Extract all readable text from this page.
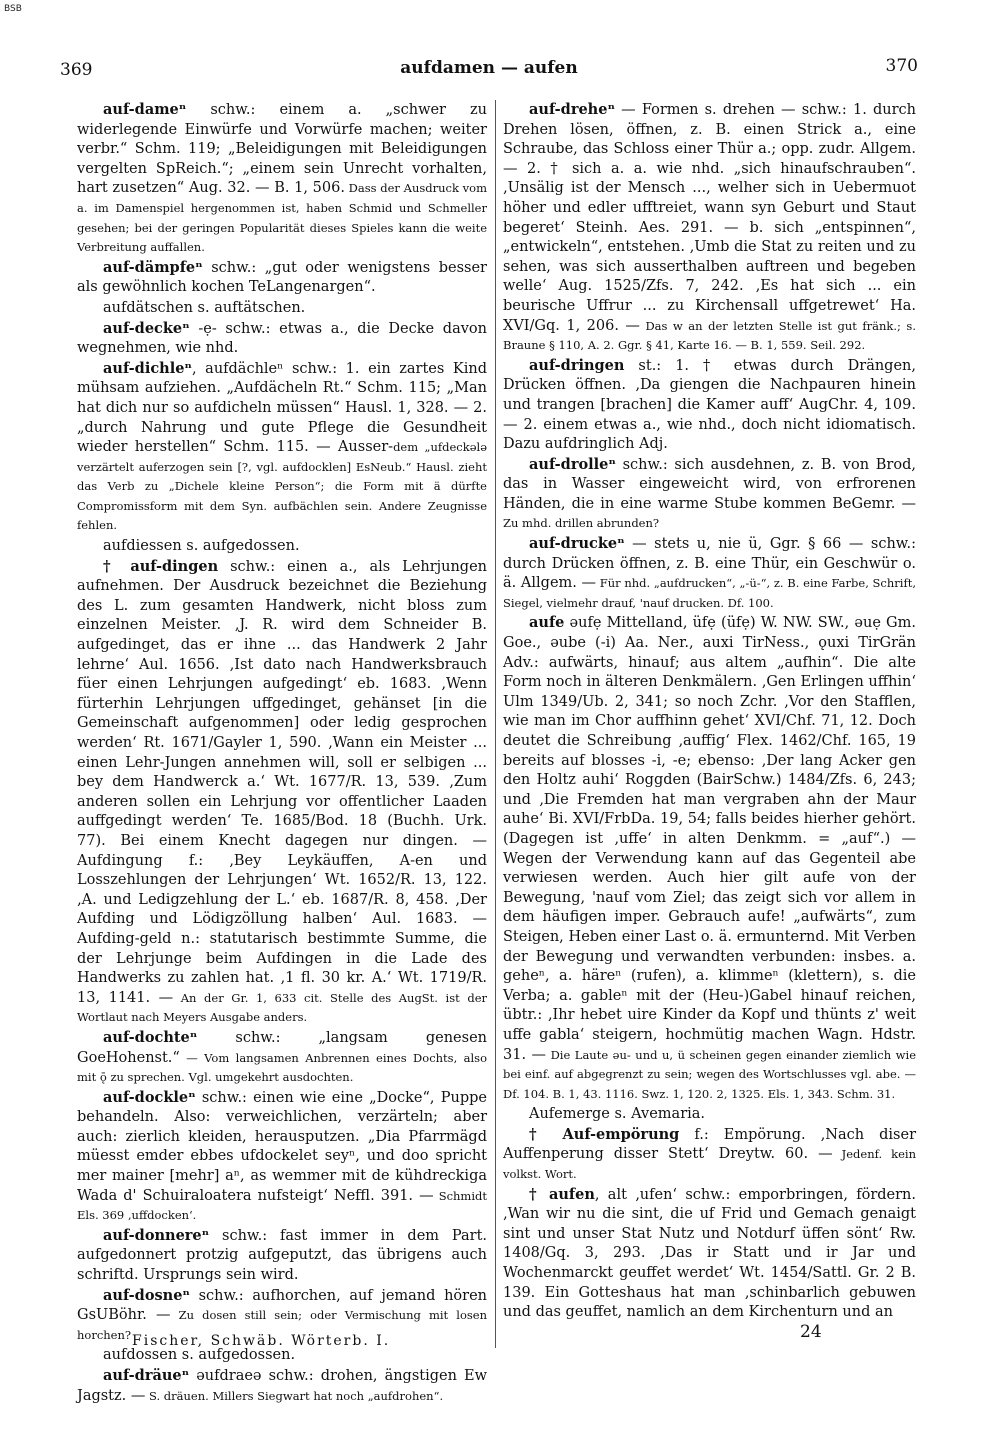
BSB
369	aufdamen — aufen	370

auf-dameⁿ schw.: einem a. „schwer zu widerlegende Einwürfe und Vorwürfe machen; weiter verbr.“ Schm. 119; „Beleidigungen mit Beleidigungen vergelten SpReich.“; „einem sein Unrecht vorhalten, hart zusetzen“ Aug. 32. — B. 1, 506. Dass der Ausdruck vom a. im Damenspiel hergenommen ist, haben Schmid und Schmeller gesehen; bei der geringen Popularität dieses Spieles kann die weite Verbreitung auffallen.

auf-dämpfeⁿ schw.: „gut oder wenigstens besser als gewöhnlich kochen TeLangenargen“.

aufdätschen s. auftätschen.

auf-deckeⁿ -ẹ- schw.: etwas a., die Decke davon wegnehmen, wie nhd.

auf-dichleⁿ, aufdächleⁿ schw.: 1. ein zartes Kind mühsam aufziehen. „Aufdächeln Rt.“ Schm. 115; „Man hat dich nur so aufdicheln müssen“ Hausl. 1, 328. — 2. „durch Nahrung und gute Pflege die Gesundheit wieder herstellen“ Schm. 115. — Ausser-dem „ufdeckələ verzärtelt auferzogen sein [?, vgl. aufdocklen] EsNeub.“ Hausl. zieht das Verb zu „Dichele kleine Person“; die Form mit ä dürfte Compromissform mit dem Syn. aufbächlen sein. Andere Zeugnisse fehlen.

aufdiessen s. aufgedossen.

† auf-dingen schw.: einen a., als Lehrjungen aufnehmen. Der Ausdruck bezeichnet die Beziehung des L. zum gesamten Handwerk, nicht bloss zum einzelnen Meister. ‚J. R. wird dem Schneider B. aufgedinget, das er ihne ... das Handwerk 2 Jahr lehrne‘ Aul. 1656. ‚Ist dato nach Handwerksbrauch füer einen Lehrjungen aufgedingt‘ eb. 1683. ‚Wenn fürterhin Lehrjungen uffgedinget, gehänset [in die Gemeinschaft aufgenommen] oder ledig gesprochen werden‘ Rt. 1671/Gayler 1, 590. ‚Wann ein Meister ... einen Lehr-Jungen annehmen will, soll er selbigen ... bey dem Handwerck a.‘ Wt. 1677/R. 13, 539. ‚Zum anderen sollen ein Lehrjung vor offentlicher Laaden auffgedingt werden‘ Te. 1685/Bod. 18 (Buchh. Urk. 77). Bei einem Knecht dagegen nur dingen. — Aufdingung f.: ‚Bey Leykäuffen, A-en und Losszehlungen der Lehrjungen‘ Wt. 1652/R. 13, 122. ‚A. und Ledigzehlung der L.‘ eb. 1687/R. 8, 458. ‚Der Aufding und Lödigzöllung halben‘ Aul. 1683. — Aufding-geld n.: statutarisch bestimmte Summe, die der Lehrjunge beim Aufdingen in die Lade des Handwerks zu zahlen hat. ‚1 fl. 30 kr. A.‘ Wt. 1719/R. 13, 1141. — An der Gr. 1, 633 cit. Stelle des AugSt. ist der Wortlaut nach Meyers Ausgabe anders.

auf-dochteⁿ schw.: „langsam genesen GoeHohenst.“ — Vom langsamen Anbrennen eines Dochts, also mit ǭ zu sprechen. Vgl. umgekehrt ausdochten.

auf-dockleⁿ schw.: einen wie eine „Docke“, Puppe behandeln. Also: verweichlichen, verzärteln; aber auch: zierlich kleiden, herausputzen. „Dia Pfarrmägd müesst emder ebbes ufdockelet seyⁿ, und doo spricht mer mainer [mehr] aⁿ, as wemmer mit de kühdreckiga Wada d' Schuiraloatera nufsteigt‘ Neffl. 391. — Schmidt Els. 369 ‚uffdocken‘.

auf-donnereⁿ schw.: fast immer in dem Part. aufgedonnert protzig aufgeputzt, das übrigens auch schriftd. Ursprungs sein wird.

auf-dosneⁿ schw.: aufhorchen, auf jemand hören GsUBöhr. — Zu dosen still sein; oder Vermischung mit losen horchen?

aufdossen s. aufgedossen.

auf-dräueⁿ əufdraeə schw.: drohen, ängstigen Ew Jagstz. — S. dräuen. Millers Siegwart hat noch „aufdrohen“.

auf-dreheⁿ — Formen s. drehen — schw.: 1. durch Drehen lösen, öffnen, z. B. einen Strick a., eine Schraube, das Schloss einer Thür a.; opp. zudr. Allgem. — 2. † sich a. a. wie nhd. „sich hinaufschrauben“. ‚Unsälig ist der Mensch ..., welher sich in Uebermuot höher und edler ufftreiet, wann syn Geburt und Staut begeret‘ Steinh. Aes. 291. — b. sich „entspinnen“, „entwickeln“, entstehen. ‚Umb die Stat zu reiten und zu sehen, was sich ausserthalben auftreen und begeben welle‘ Aug. 1525/Zfs. 7, 242. ‚Es hat sich ... ein beurische Uffrur ... zu Kirchensall uffgetrewet‘ Ha. XVI/Gq. 1, 206. — Das w an der letzten Stelle ist gut fränk.; s. Braune § 110, A. 2. Ggr. § 41, Karte 16. — B. 1, 559. Seil. 292.

auf-dringen st.: 1. † etwas durch Drängen, Drücken öffnen. ‚Da giengen die Nachpauren hinein und trangen [brachen] die Kamer auff‘ AugChr. 4, 109. — 2. einem etwas a., wie nhd., doch nicht idiomatisch. Dazu aufdringlich Adj.

auf-drolleⁿ schw.: sich ausdehnen, z. B. von Brod, das in Wasser eingeweicht wird, von erfrorenen Händen, die in eine warme Stube kommen BeGemr. — Zu mhd. drillen abrunden?

auf-druckeⁿ — stets u, nie ü, Ggr. § 66 — schw.: durch Drücken öffnen, z. B. eine Thür, ein Geschwür o. ä. Allgem. — Für nhd. „aufdrucken“, „-ü-“, z. B. eine Farbe, Schrift, Siegel, vielmehr drauf, 'nauf drucken. Df. 100.

aufe əufẹ Mittelland, üfẹ (üfẹ) W. NW. SW., əuẹ Gm. Goe., əube (-i) Aa. Ner., auxi TirNess., ǫuxi TirGrän Adv.: aufwärts, hinauf; aus altem „aufhin“. Die alte Form noch in älteren Denkmälern. ‚Gen Erlingen uffhin‘ Ulm 1349/Ub. 2, 341; so noch Zchr. ‚Vor den Stafflen, wie man im Chor auffhinn gehet‘ XVI/Chf. 71, 12. Doch deutet die Schreibung ‚auffig‘ Flex. 1462/Chf. 165, 19 bereits auf blosses -i, -e; ebenso: ‚Der lang Acker gen den Holtz auhi‘ Roggden (BairSchw.) 1484/Zfs. 6, 243; und ‚Die Fremden hat man vergraben ahn der Maur auhe‘ Bi. XVI/FrbDa. 19, 54; falls beides hierher gehört. (Dagegen ist ‚uffe‘ in alten Denkmm. = „auf“.) — Wegen der Verwendung kann auf das Gegenteil abe verwiesen werden. Auch hier gilt aufe von der Bewegung, 'nauf vom Ziel; das zeigt sich vor allem in dem häufigen imper. Gebrauch aufe! „aufwärts“, zum Steigen, Heben einer Last o. ä. ermunternd. Mit Verben der Bewegung und verwandten verbunden: insbes. a. geheⁿ, a. häreⁿ (rufen), a. klimmeⁿ (klettern), s. die Verba; a. gableⁿ mit der (Heu-)Gabel hinauf reichen, übtr.: ‚Ihr hebet uire Kinder da Kopf und thünts z' weit uffe gabla‘ steigern, hochmütig machen Wagn. Hdstr. 31. — Die Laute əu- und u, ü scheinen gegen einander ziemlich wie bei einf. auf abgegrenzt zu sein; wegen des Wortschlusses vgl. abe. — Df. 104. B. 1, 43. 1116. Swz. 1, 120. 2, 1325. Els. 1, 343. Schm. 31.

Aufemerge s. Avemaria.

† Auf-empörung f.: Empörung. ‚Nach diser Auffenperung disser Stett‘ Dreytw. 60. — Jedenf. kein volkst. Wort.

† aufen, alt ‚ufen‘ schw.: emporbringen, fördern. ‚Wan wir nu die sint, die uf Frid und Gemach genaigt sint und unser Stat Nutz und Notdurf üffen sönt‘ Rw. 1408/Gq. 3, 293. ‚Das ir Statt und ir Jar und Wochenmarckt geuffet werdet‘ Wt. 1454/Sattl. Gr. 2 B. 139. Ein Gotteshaus hat man ‚schinbarlich gebuwen und das geuffet, namlich an dem Kirchenturn und an

Fischer, Schwäb. Wörterb. I.	24
